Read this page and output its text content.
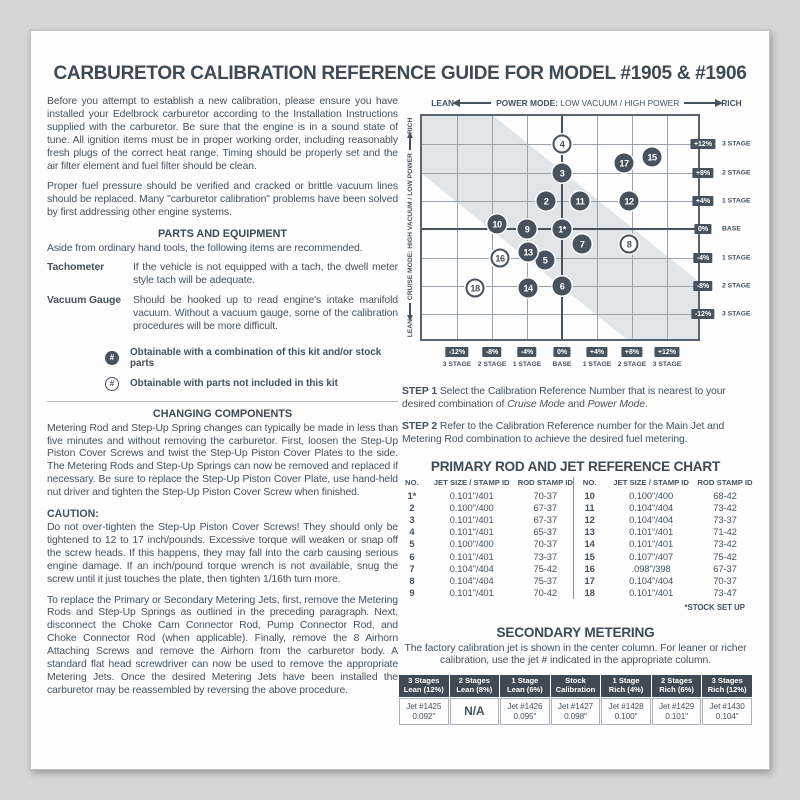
CARBURETOR CALIBRATION REFERENCE GUIDE FOR MODEL #1905 & #1906

Before you attempt to establish a new calibration, please ensure you have installed your Edelbrock carburetor according to the Installation Instructions supplied with the carburetor. Be sure that the engine is in a sound state of tune. All ignition items must be in proper working order, including reasonably fresh plugs of the correct heat range. Timing should be properly set and the air filter element and fuel filter should be clean.

Proper fuel pressure should be verified and cracked or brittle vacuum lines should be replaced. Many "carburetor calibration" problems have been solved by first addressing other engine systems.

PARTS AND EQUIPMENT

Aside from ordinary hand tools, the following items are recommended.

Tachometer	If the vehicle is not equipped with a tach, the dwell meter style tach will be adequate.
Vacuum Gauge	Should be hooked up to read engine's intake manifold vacuum. Without a vacuum gauge, some of the calibration procedures will be more difficult.
#	Obtainable with a combination of this kit and/or stock parts
#	Obtainable with parts not included in this kit
CHANGING COMPONENTS

Metering Rod and Step-Up Spring changes can typically be made in less than five minutes and without removing the carburetor. First, loosen the Step-Up Piston Cover Screws and twist the Step-Up Piston Cover Plates to the side. The Metering Rods and Step-Up Springs can now be removed and replaced if necessary. Be sure to replace the Step-Up Piston Cover Plate, use hand-held nut driver and tighten the Step-Up Piston Cover Screw when finished.

CAUTION:

Do not over-tighten the Step-Up Piston Cover Screws! They should only be tightened to 12 to 17 inch/pounds. Excessive torque will weaken or snap off the screw heads. If this happens, they may fall into the carb causing serious engine damage. If an inch/pound torque wrench is not available, snug the screw until it just touches the plate, then tighten 1/16th turn more.

To replace the Primary or Secondary Metering Jets, first, remove the Metering Rods and Step-Up Springs as outlined in the preceding paragraph. Next, disconnect the Choke Cam Connector Rod, Pump Connector Rod, and Choke Connector Rod (when applicable). Finally, remove the 8 Airhorn Attaching Screws and remove the Airhorn from the carburetor body. A standard flat head screwdriver can now be used to remove the appropriate Metering Jets. Once the desired Metering Jets have been installed the carburetor may be reassembled by reversing the above procedure.

LEAN	POWER MODE: LOW VACUUM / HIGH POWER	RICH
LEAN
CRUISE MODE: HIGH VACUUM / LOW POWER
RICH
1*
2
3
4
5
6
7	8
9
10
11	12
13
14
15
16
17
18
+12%	3 STAGE
+8%	2 STAGE
+4%	1 STAGE
0%	BASE
-4%	1 STAGE
-8%	2 STAGE
-12%	3 STAGE
-12%
3 STAGE
-8%
2 STAGE
-4%
1 STAGE
0%
BASE
+4%
1 STAGE
+8%
2 STAGE
+12%
3 STAGE

STEP 1 Select the Calibration Reference Number that is nearest to your desired combination of Cruise Mode and Power Mode.

STEP 2 Refer to the Calibration Reference number for the Main Jet and Metering Rod combination to achieve the desired fuel metering.

PRIMARY ROD AND JET REFERENCE CHART
NO.	JET SIZE / STAMP ID	ROD STAMP ID	NO.	JET SIZE / STAMP ID	ROD STAMP ID
1*	0.101"/401	70-37	10	0.100"/400	68-42
2	0.100"/400	67-37	11	0.104"/404	73-42
3	0.101"/401	67-37	12	0.104"/404	73-37
4	0.101"/401	65-37	13	0.101"/401	71-42
5	0.100"/400	70-37	14	0.101"/401	73-42
6	0.101"/401	73-37	15	0.107"/407	75-42
7	0.104"/404	75-42	16	.098"/398	67-37
8	0.104"/404	75-37	17	0.104"/404	70-37
9	0.101"/401	70-42	18	0.101"/401	73-47
*STOCK SET UP
SECONDARY METERING

The factory calibration jet is shown in the center column. For leaner or richer calibration, use the jet # indicated in the appropriate column.

3 Stages
Lean (12%)	2 Stages
Lean (8%)	1 Stage
Lean (6%)	Stock
Calibration	1 Stage
Rich (4%)	2 Stages
Rich (6%)	3 Stages
Rich (12%)
Jet #1425
0.092"	N/A	Jet #1426
0.095"	Jet #1427
0.098"	Jet #1428
0.100"	Jet #1429
0.101"	Jet #1430
0.104"
